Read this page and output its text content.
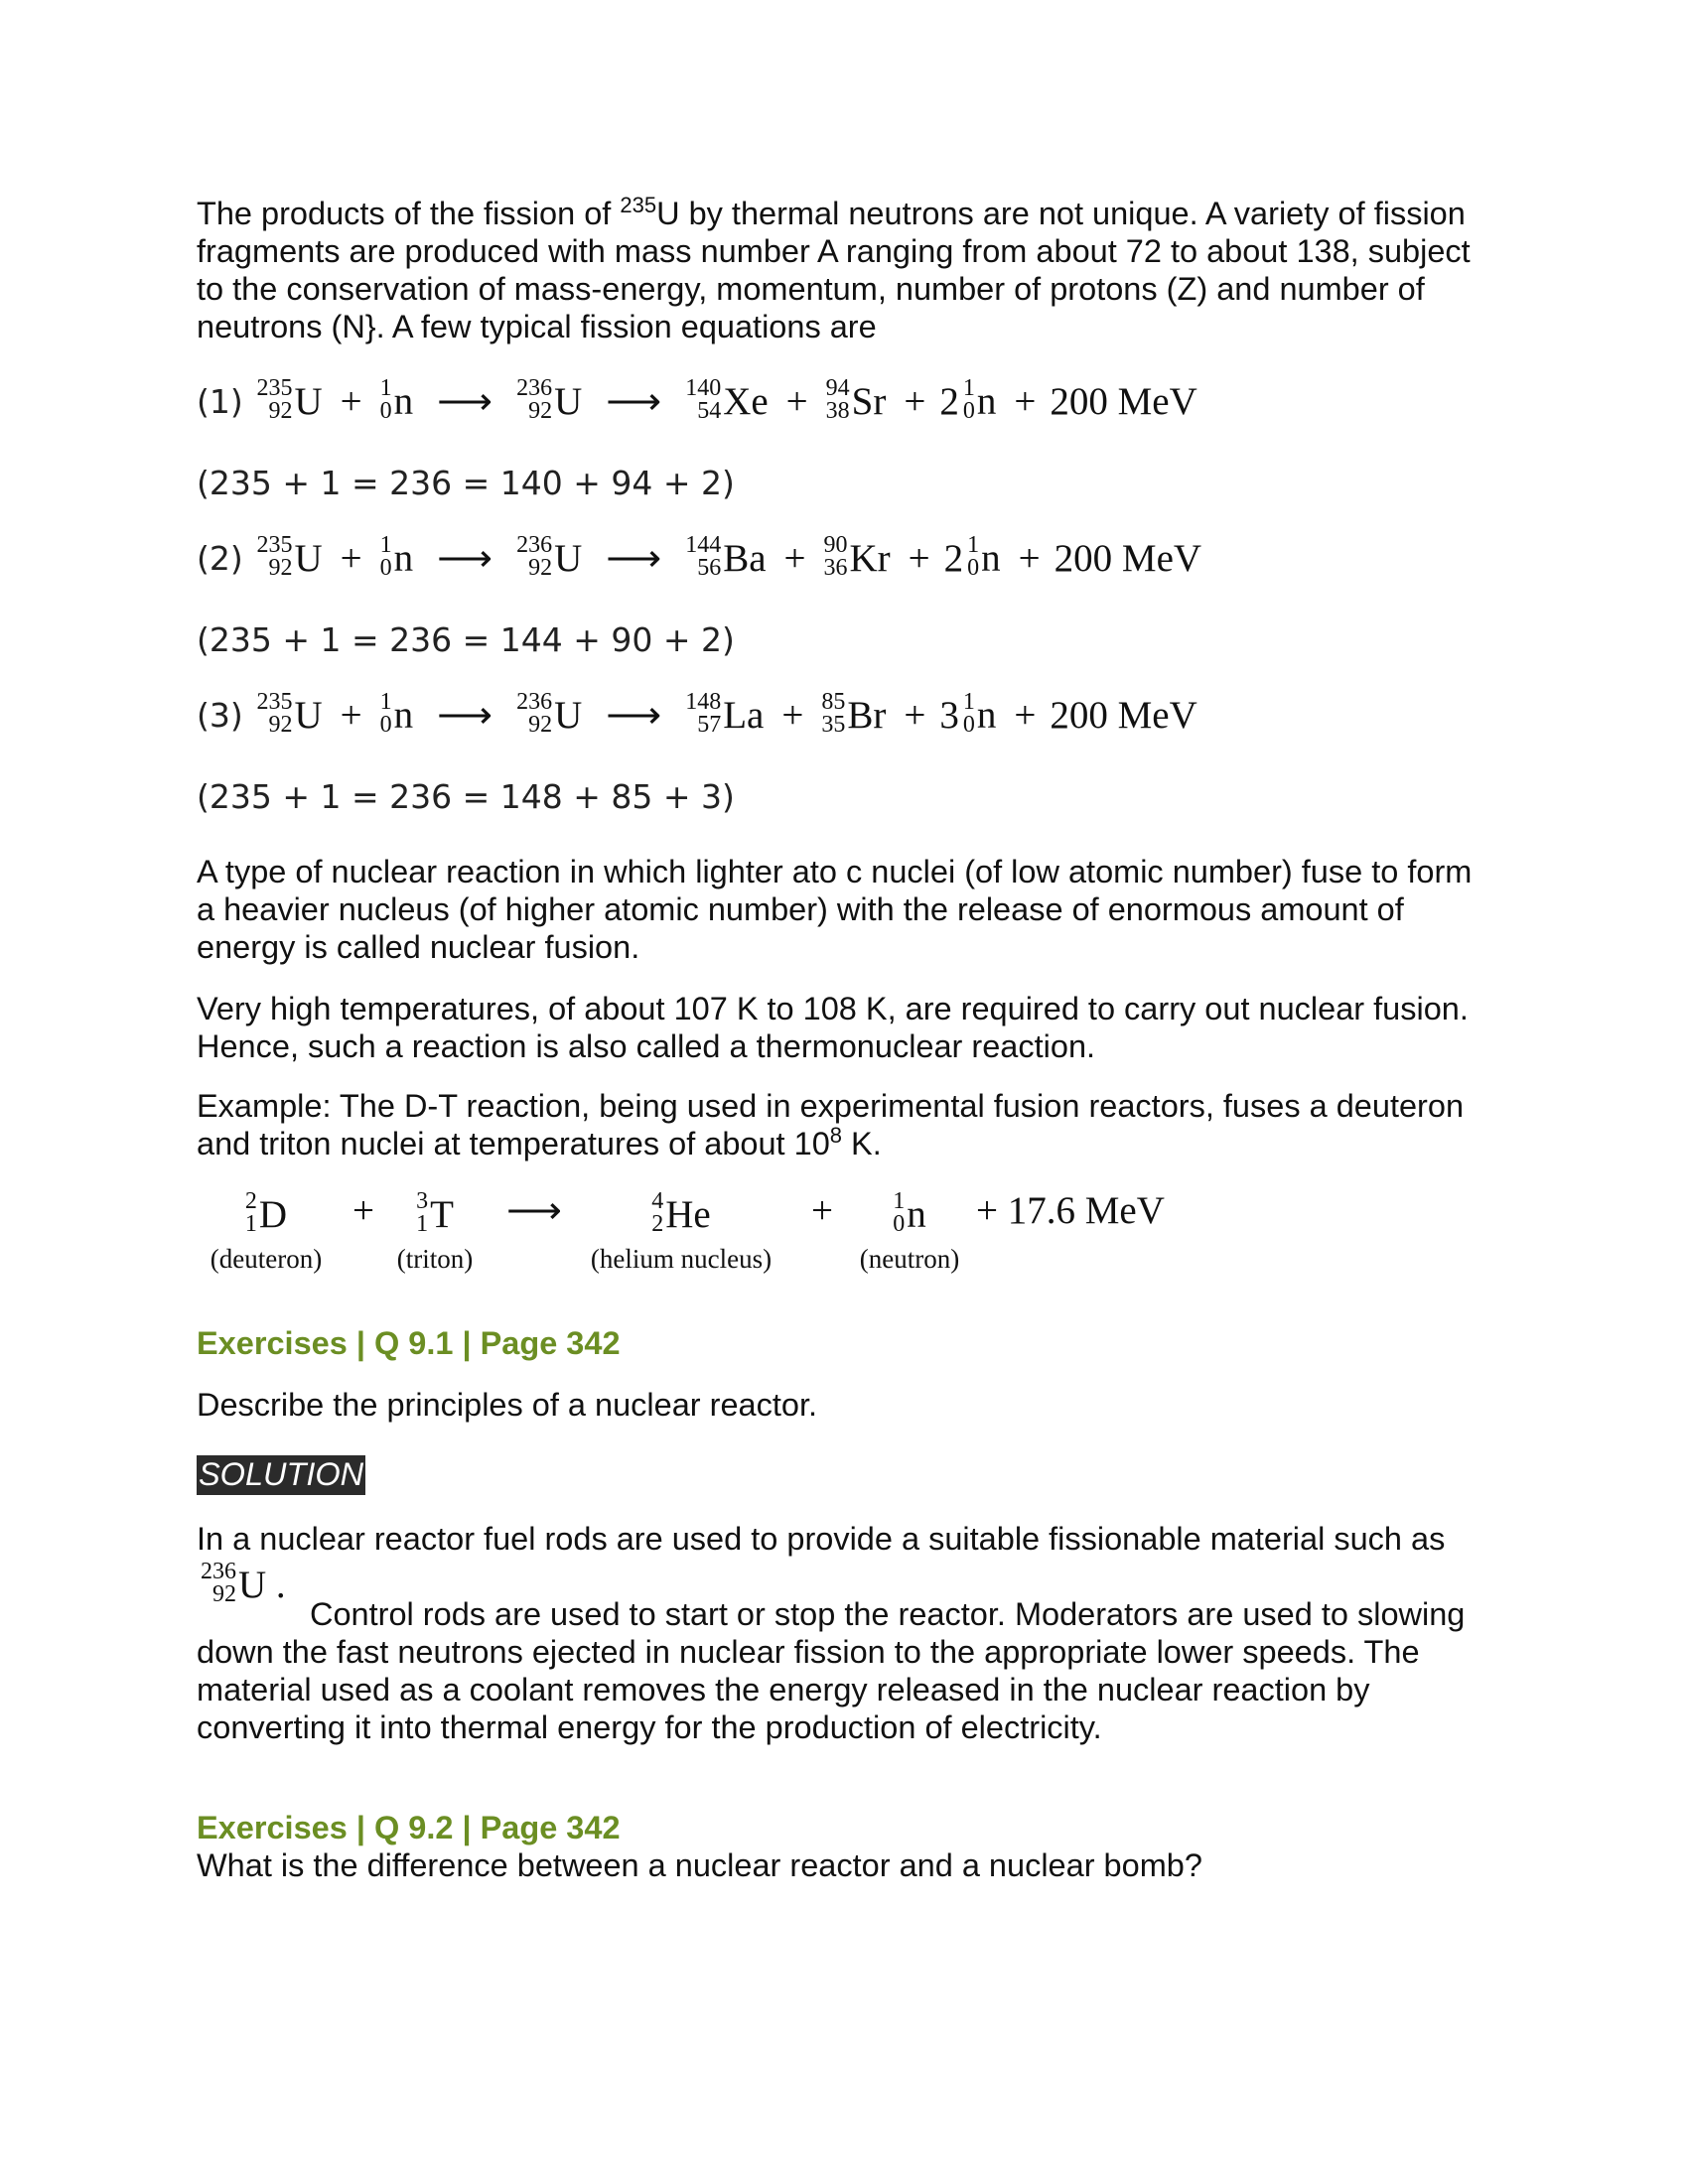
The products of the fission of $^{235}$U by thermal neutrons are not unique. A variety of fission fragments are produced with mass number A ranging from about 72 to about 138, subject to the conservation of mass-energy, momentum, number of protons (Z) and number of neutrons (N}. A few typical fission equations are

(1) 235
92 U + 1
0 n ⟶ 236
92 U ⟶ 140
54 Xe + 94
38 Sr + 2 1
0 n + 200 MeV
(235 + 1 = 236 = 140 + 94 + 2)
(2) 235
92 U + 1
0 n ⟶ 236
92 U ⟶ 144
56 Ba + 90
36 Kr + 2 1
0 n + 200 MeV
(235 + 1 = 236 = 144 + 90 + 2)
(3) 235
92 U + 1
0 n ⟶ 236
92 U ⟶ 148
57 La + 85
35 Br + 3 1
0 n + 200 MeV
(235 + 1 = 236 = 148 + 85 + 3)

A type of nuclear reaction in which lighter ato c nuclei (of low atomic number) fuse to form a heavier nucleus (of higher atomic number) with the release of enormous amount of energy is called nuclear fusion.

Very high temperatures, of about 107 K to 108 K, are required to carry out nuclear fusion. Hence, such a reaction is also called a thermonuclear reaction.

Example: The D-T reaction, being used in experimental fusion reactors, fuses a deuteron and triton nuclei at temperatures of about $10^8$ K.

2
1 D
(deuteron)
+	3
1 T
(triton)
⟶	4
2 He
(helium nucleus)
+	1
0 n
(neutron)
+ 17.6 MeV
Exercises | Q 9.1 | Page 342

Describe the principles of a nuclear reactor.

SOLUTION

In a nuclear reactor fuel rods are used to provide a suitable fissionable material such as

236
92 U .

Control rods are used to start or stop the reactor. Moderators are used to slowing down the fast neutrons ejected in nuclear fission to the appropriate lower speeds. The material used as a coolant removes the energy released in the nuclear reaction by converting it into thermal energy for the production of electricity.

Exercises | Q 9.2 | Page 342

What is the difference between a nuclear reactor and a nuclear bomb?
